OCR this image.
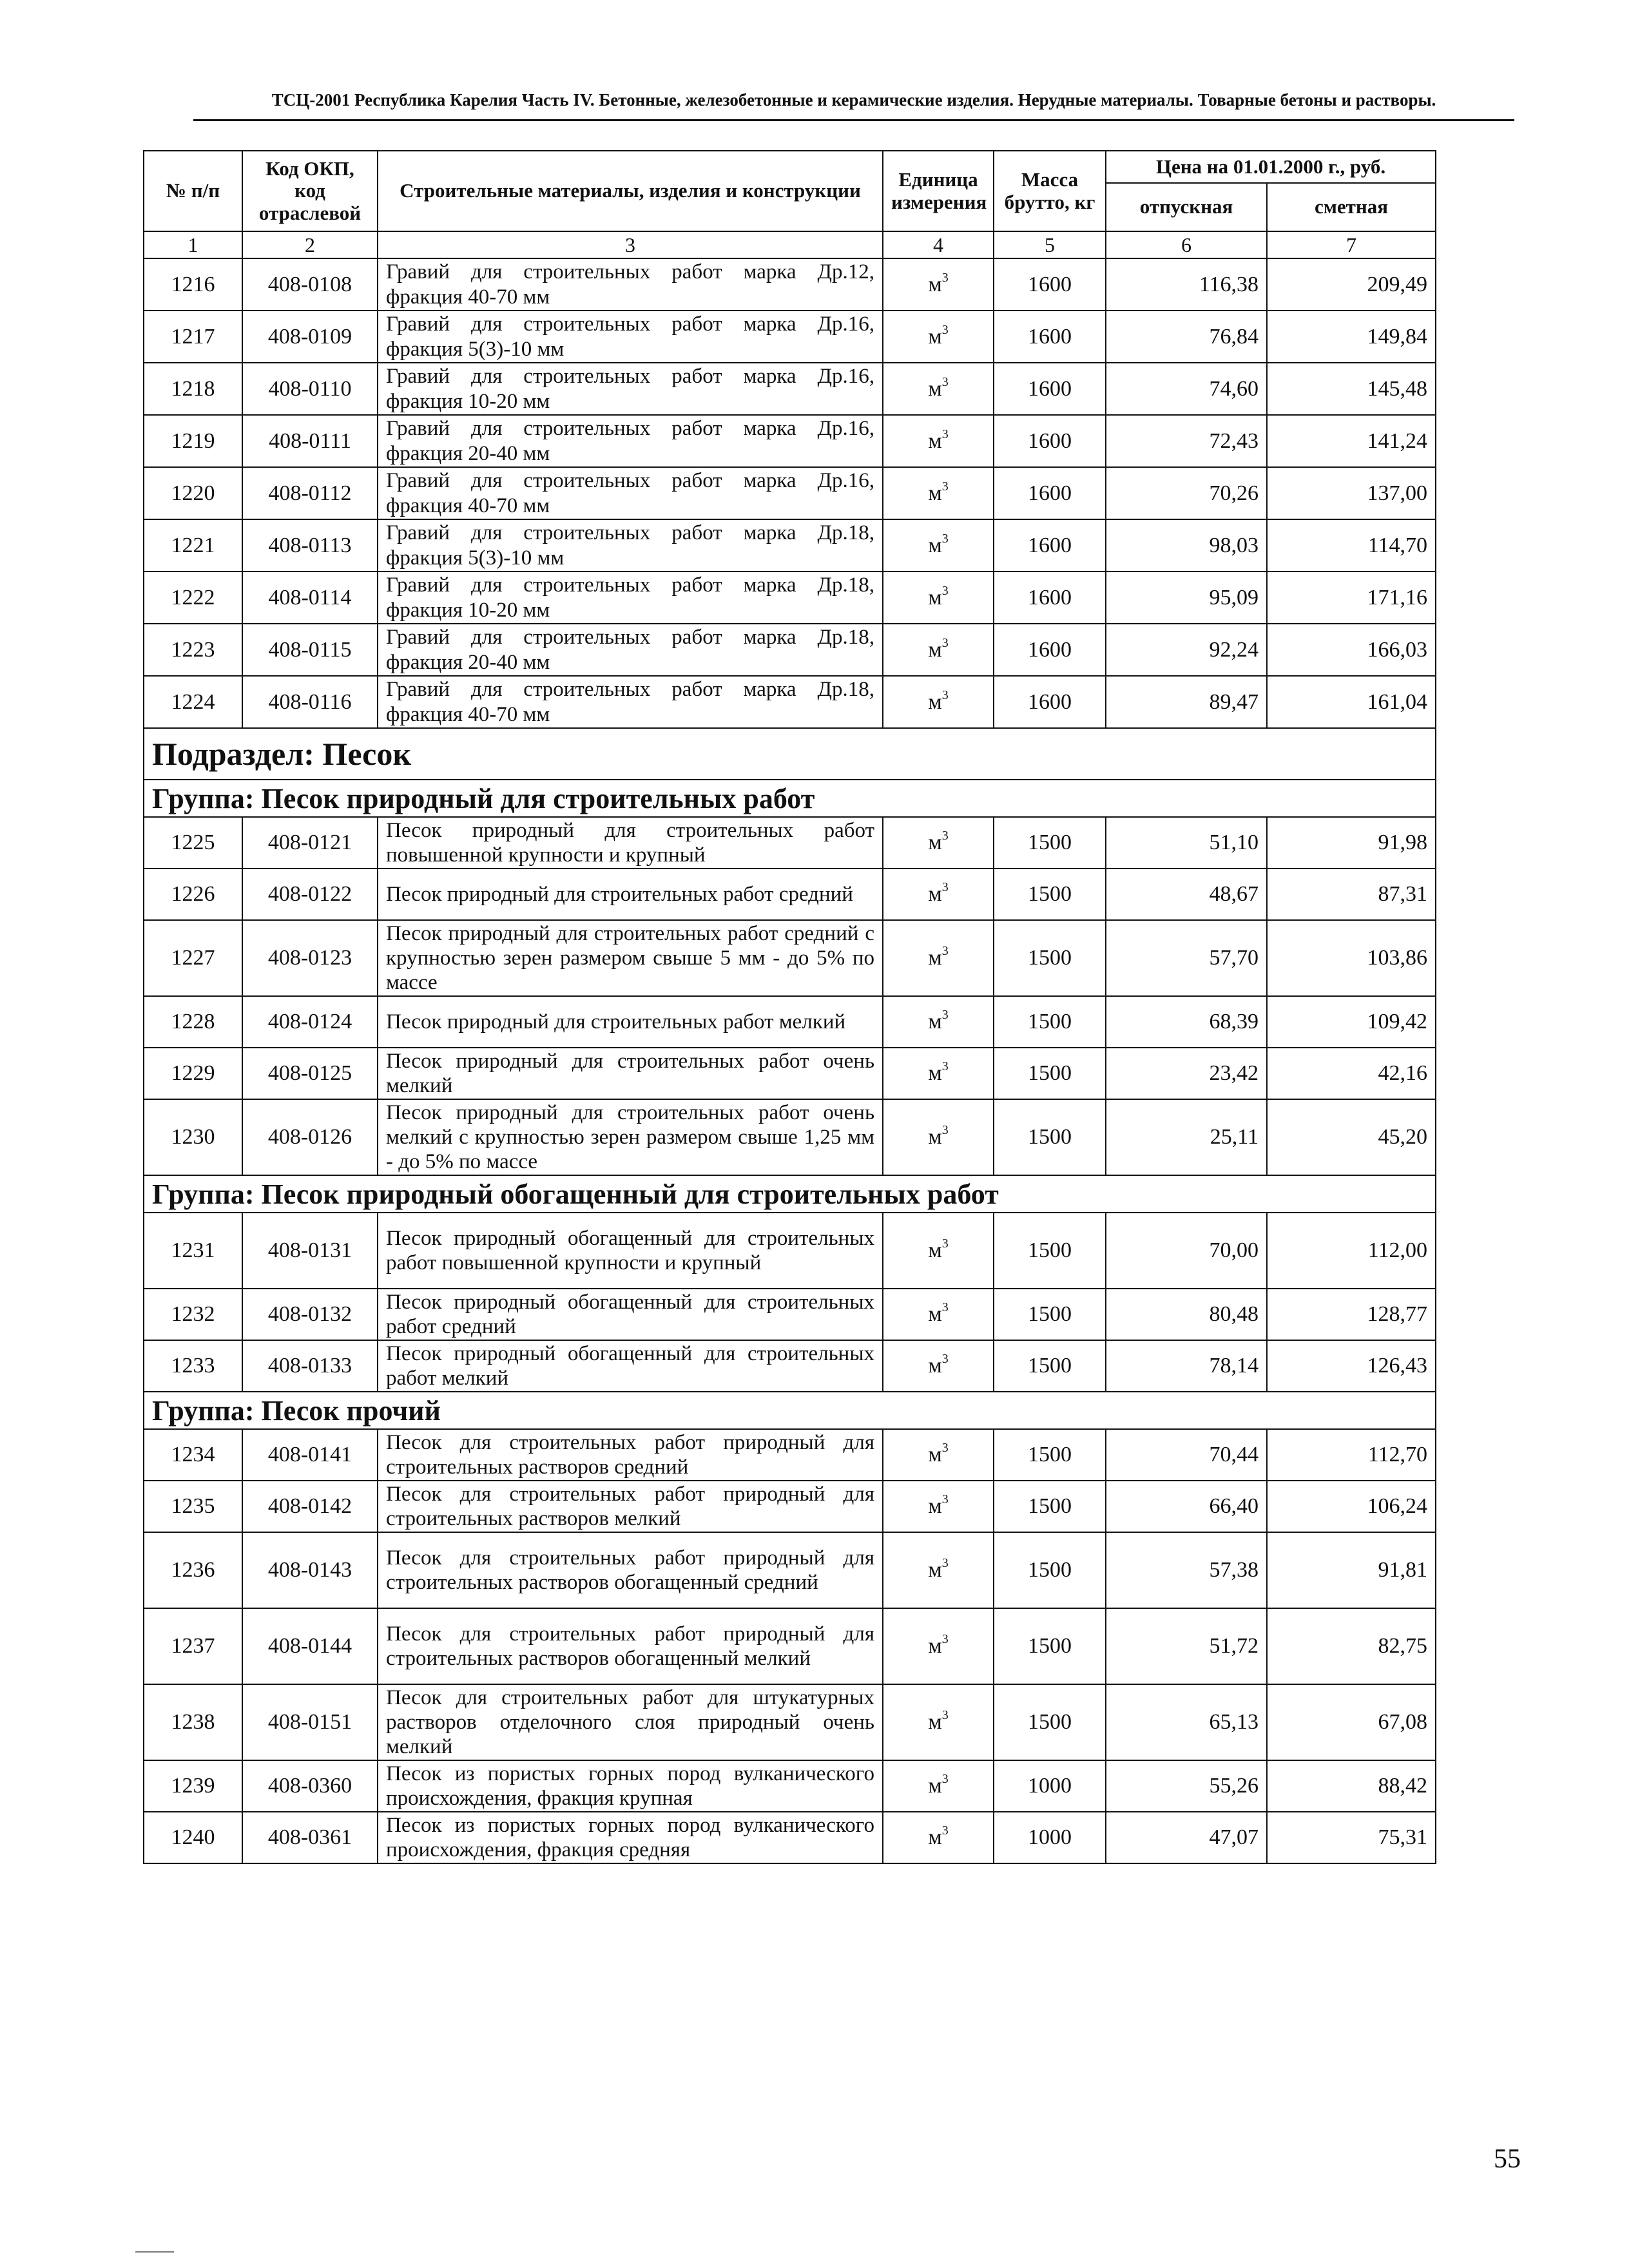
ТСЦ-2001 Республика Карелия Часть IV. Бетонные, железобетонные и керамические изделия. Нерудные материалы. Товарные бетоны и растворы.
№ п/п	Код ОКП, код отраслевой	Строительные материалы, изделия и конструкции	Единица измерения	Масса брутто, кг	Цена на 01.01.2000 г., руб.	
					отпускная	сметная
1	2	3	4	5	6	7
1216	408-0108	Гравий для строительных работ марка Др.12, фракция 40-70 мм	$м^3$	1600	116,38	209,49
1217	408-0109	Гравий для строительных работ марка Др.16, фракция 5(3)-10 мм	$м^3$	1600	76,84	149,84
1218	408-0110	Гравий для строительных работ марка Др.16, фракция 10-20 мм	$м^3$	1600	74,60	145,48
1219	408-0111	Гравий для строительных работ марка Др.16, фракция 20-40 мм	$м^3$	1600	72,43	141,24
1220	408-0112	Гравий для строительных работ марка Др.16, фракция 40-70 мм	$м^3$	1600	70,26	137,00
1221	408-0113	Гравий для строительных работ марка Др.18, фракция 5(3)-10 мм	$м^3$	1600	98,03	114,70
1222	408-0114	Гравий для строительных работ марка Др.18, фракция 10-20 мм	$м^3$	1600	95,09	171,16
1223	408-0115	Гравий для строительных работ марка Др.18, фракция 20-40 мм	$м^3$	1600	92,24	166,03
1224	408-0116	Гравий для строительных работ марка Др.18, фракция 40-70 мм	$м^3$	1600	89,47	161,04
Подраздел: Песок						
Группа: Песок природный для строительных работ						
1225	408-0121	Песок природный для строительных работ повышенной крупности и крупный	$м^3$	1500	51,10	91,98
1226	408-0122	Песок природный для строительных работ средний	$м^3$	1500	48,67	87,31
1227	408-0123	Песок природный для строительных работ средний с крупностью зерен размером свыше 5 мм - до 5% по массе	$м^3$	1500	57,70	103,86
1228	408-0124	Песок природный для строительных работ мелкий	$м^3$	1500	68,39	109,42
1229	408-0125	Песок природный для строительных работ очень мелкий	$м^3$	1500	23,42	42,16
1230	408-0126	Песок природный для строительных работ очень мелкий с крупностью зерен размером свыше 1,25 мм - до 5% по массе	$м^3$	1500	25,11	45,20
Группа: Песок природный обогащенный для строительных работ						
1231	408-0131	Песок природный обогащенный для строительных работ повышенной крупности и крупный	$м^3$	1500	70,00	112,00
1232	408-0132	Песок природный обогащенный для строительных работ средний	$м^3$	1500	80,48	128,77
1233	408-0133	Песок природный обогащенный для строительных работ мелкий	$м^3$	1500	78,14	126,43
Группа: Песок прочий						
1234	408-0141	Песок для строительных работ природный для строительных растворов средний	$м^3$	1500	70,44	112,70
1235	408-0142	Песок для строительных работ природный для строительных растворов мелкий	$м^3$	1500	66,40	106,24
1236	408-0143	Песок для строительных работ природный для строительных растворов обогащенный средний	$м^3$	1500	57,38	91,81
1237	408-0144	Песок для строительных работ природный для строительных растворов обогащенный мелкий	$м^3$	1500	51,72	82,75
1238	408-0151	Песок для строительных работ для штукатурных растворов отделочного слоя природный очень мелкий	$м^3$	1500	65,13	67,08
1239	408-0360	Песок из пористых горных пород вулканического происхождения, фракция крупная	$м^3$	1000	55,26	88,42
1240	408-0361	Песок из пористых горных пород вулканического происхождения, фракция средняя	$м^3$	1000	47,07	75,31
55
